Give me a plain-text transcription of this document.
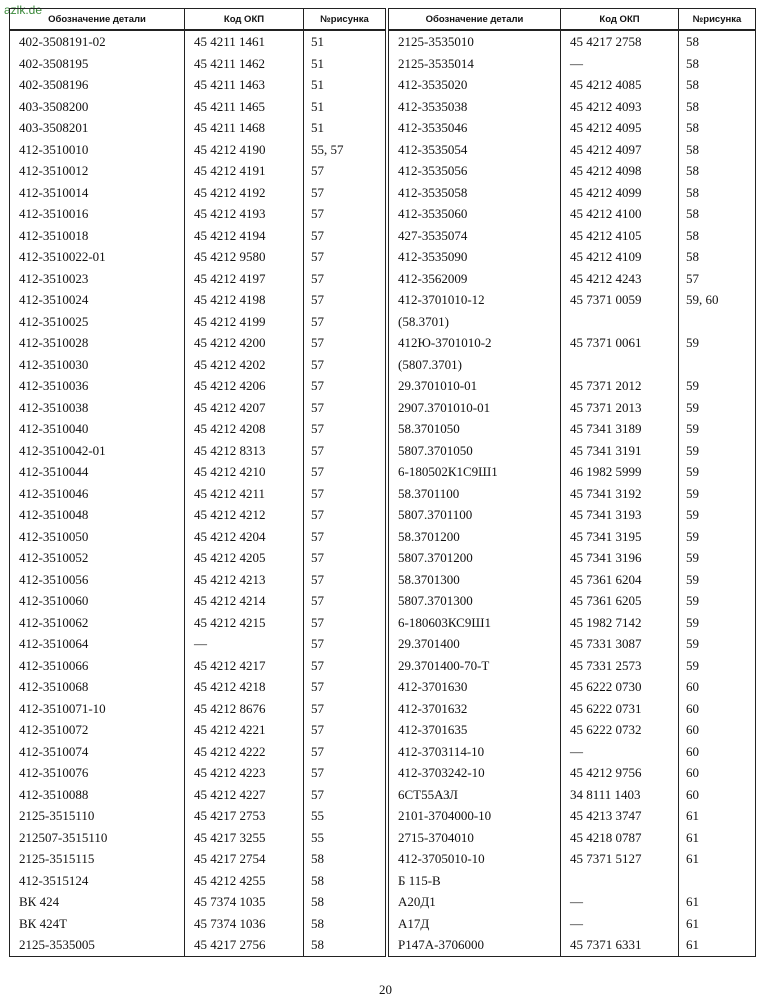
azlk.de
Обозначение детали	Код ОКП	№рисунка
402-3508191-02	45 4211 1461	51
402-3508195	45 4211 1462	51
402-3508196	45 4211 1463	51
403-3508200	45 4211 1465	51
403-3508201	45 4211 1468	51
412-3510010	45 4212 4190	55, 57
412-3510012	45 4212 4191	57
412-3510014	45 4212 4192	57
412-3510016	45 4212 4193	57
412-3510018	45 4212 4194	57
412-3510022-01	45 4212 9580	57
412-3510023	45 4212 4197	57
412-3510024	45 4212 4198	57
412-3510025	45 4212 4199	57
412-3510028	45 4212 4200	57
412-3510030	45 4212 4202	57
412-3510036	45 4212 4206	57
412-3510038	45 4212 4207	57
412-3510040	45 4212 4208	57
412-3510042-01	45 4212 8313	57
412-3510044	45 4212 4210	57
412-3510046	45 4212 4211	57
412-3510048	45 4212 4212	57
412-3510050	45 4212 4204	57
412-3510052	45 4212 4205	57
412-3510056	45 4212 4213	57
412-3510060	45 4212 4214	57
412-3510062	45 4212 4215	57
412-3510064	—	57
412-3510066	45 4212 4217	57
412-3510068	45 4212 4218	57
412-3510071-10	45 4212 8676	57
412-3510072	45 4212 4221	57
412-3510074	45 4212 4222	57
412-3510076	45 4212 4223	57
412-3510088	45 4212 4227	57
2125-3515110	45 4217 2753	55
212507-3515110	45 4217 3255	55
2125-3515115	45 4217 2754	58
412-3515124	45 4212 4255	58
ВК 424	45 7374 1035	58
ВК 424Т	45 7374 1036	58
2125-3535005	45 4217 2756	58
Обозначение детали	Код ОКП	№рисунка
2125-3535010	45 4217 2758	58
2125-3535014	—	58
412-3535020	45 4212 4085	58
412-3535038	45 4212 4093	58
412-3535046	45 4212 4095	58
412-3535054	45 4212 4097	58
412-3535056	45 4212 4098	58
412-3535058	45 4212 4099	58
412-3535060	45 4212 4100	58
427-3535074	45 4212 4105	58
412-3535090	45 4212 4109	58
412-3562009	45 4212 4243	57
412-3701010-12	45 7371 0059	59, 60
(58.3701)		
412Ю-3701010-2	45 7371 0061	59
(5807.3701)		
29.3701010-01	45 7371 2012	59
2907.3701010-01	45 7371 2013	59
58.3701050	45 7341 3189	59
5807.3701050	45 7341 3191	59
6-180502К1С9Ш1	46 1982 5999	59
58.3701100	45 7341 3192	59
5807.3701100	45 7341 3193	59
58.3701200	45 7341 3195	59
5807.3701200	45 7341 3196	59
58.3701300	45 7361 6204	59
5807.3701300	45 7361 6205	59
6-180603КС9Ш1	45 1982 7142	59
29.3701400	45 7331 3087	59
29.3701400-70-Т	45 7331 2573	59
412-3701630	45 6222 0730	60
412-3701632	45 6222 0731	60
412-3701635	45 6222 0732	60
412-3703114-10	—	60
412-3703242-10	45 4212 9756	60
6СТ55АЗЛ	34 8111 1403	60
2101-3704000-10	45 4213 3747	61
2715-3704010	45 4218 0787	61
412-3705010-10	45 7371 5127	61
Б 115-В		
А20Д1	—	61
А17Д	—	61
Р147А-3706000	45 7371 6331	61
20
